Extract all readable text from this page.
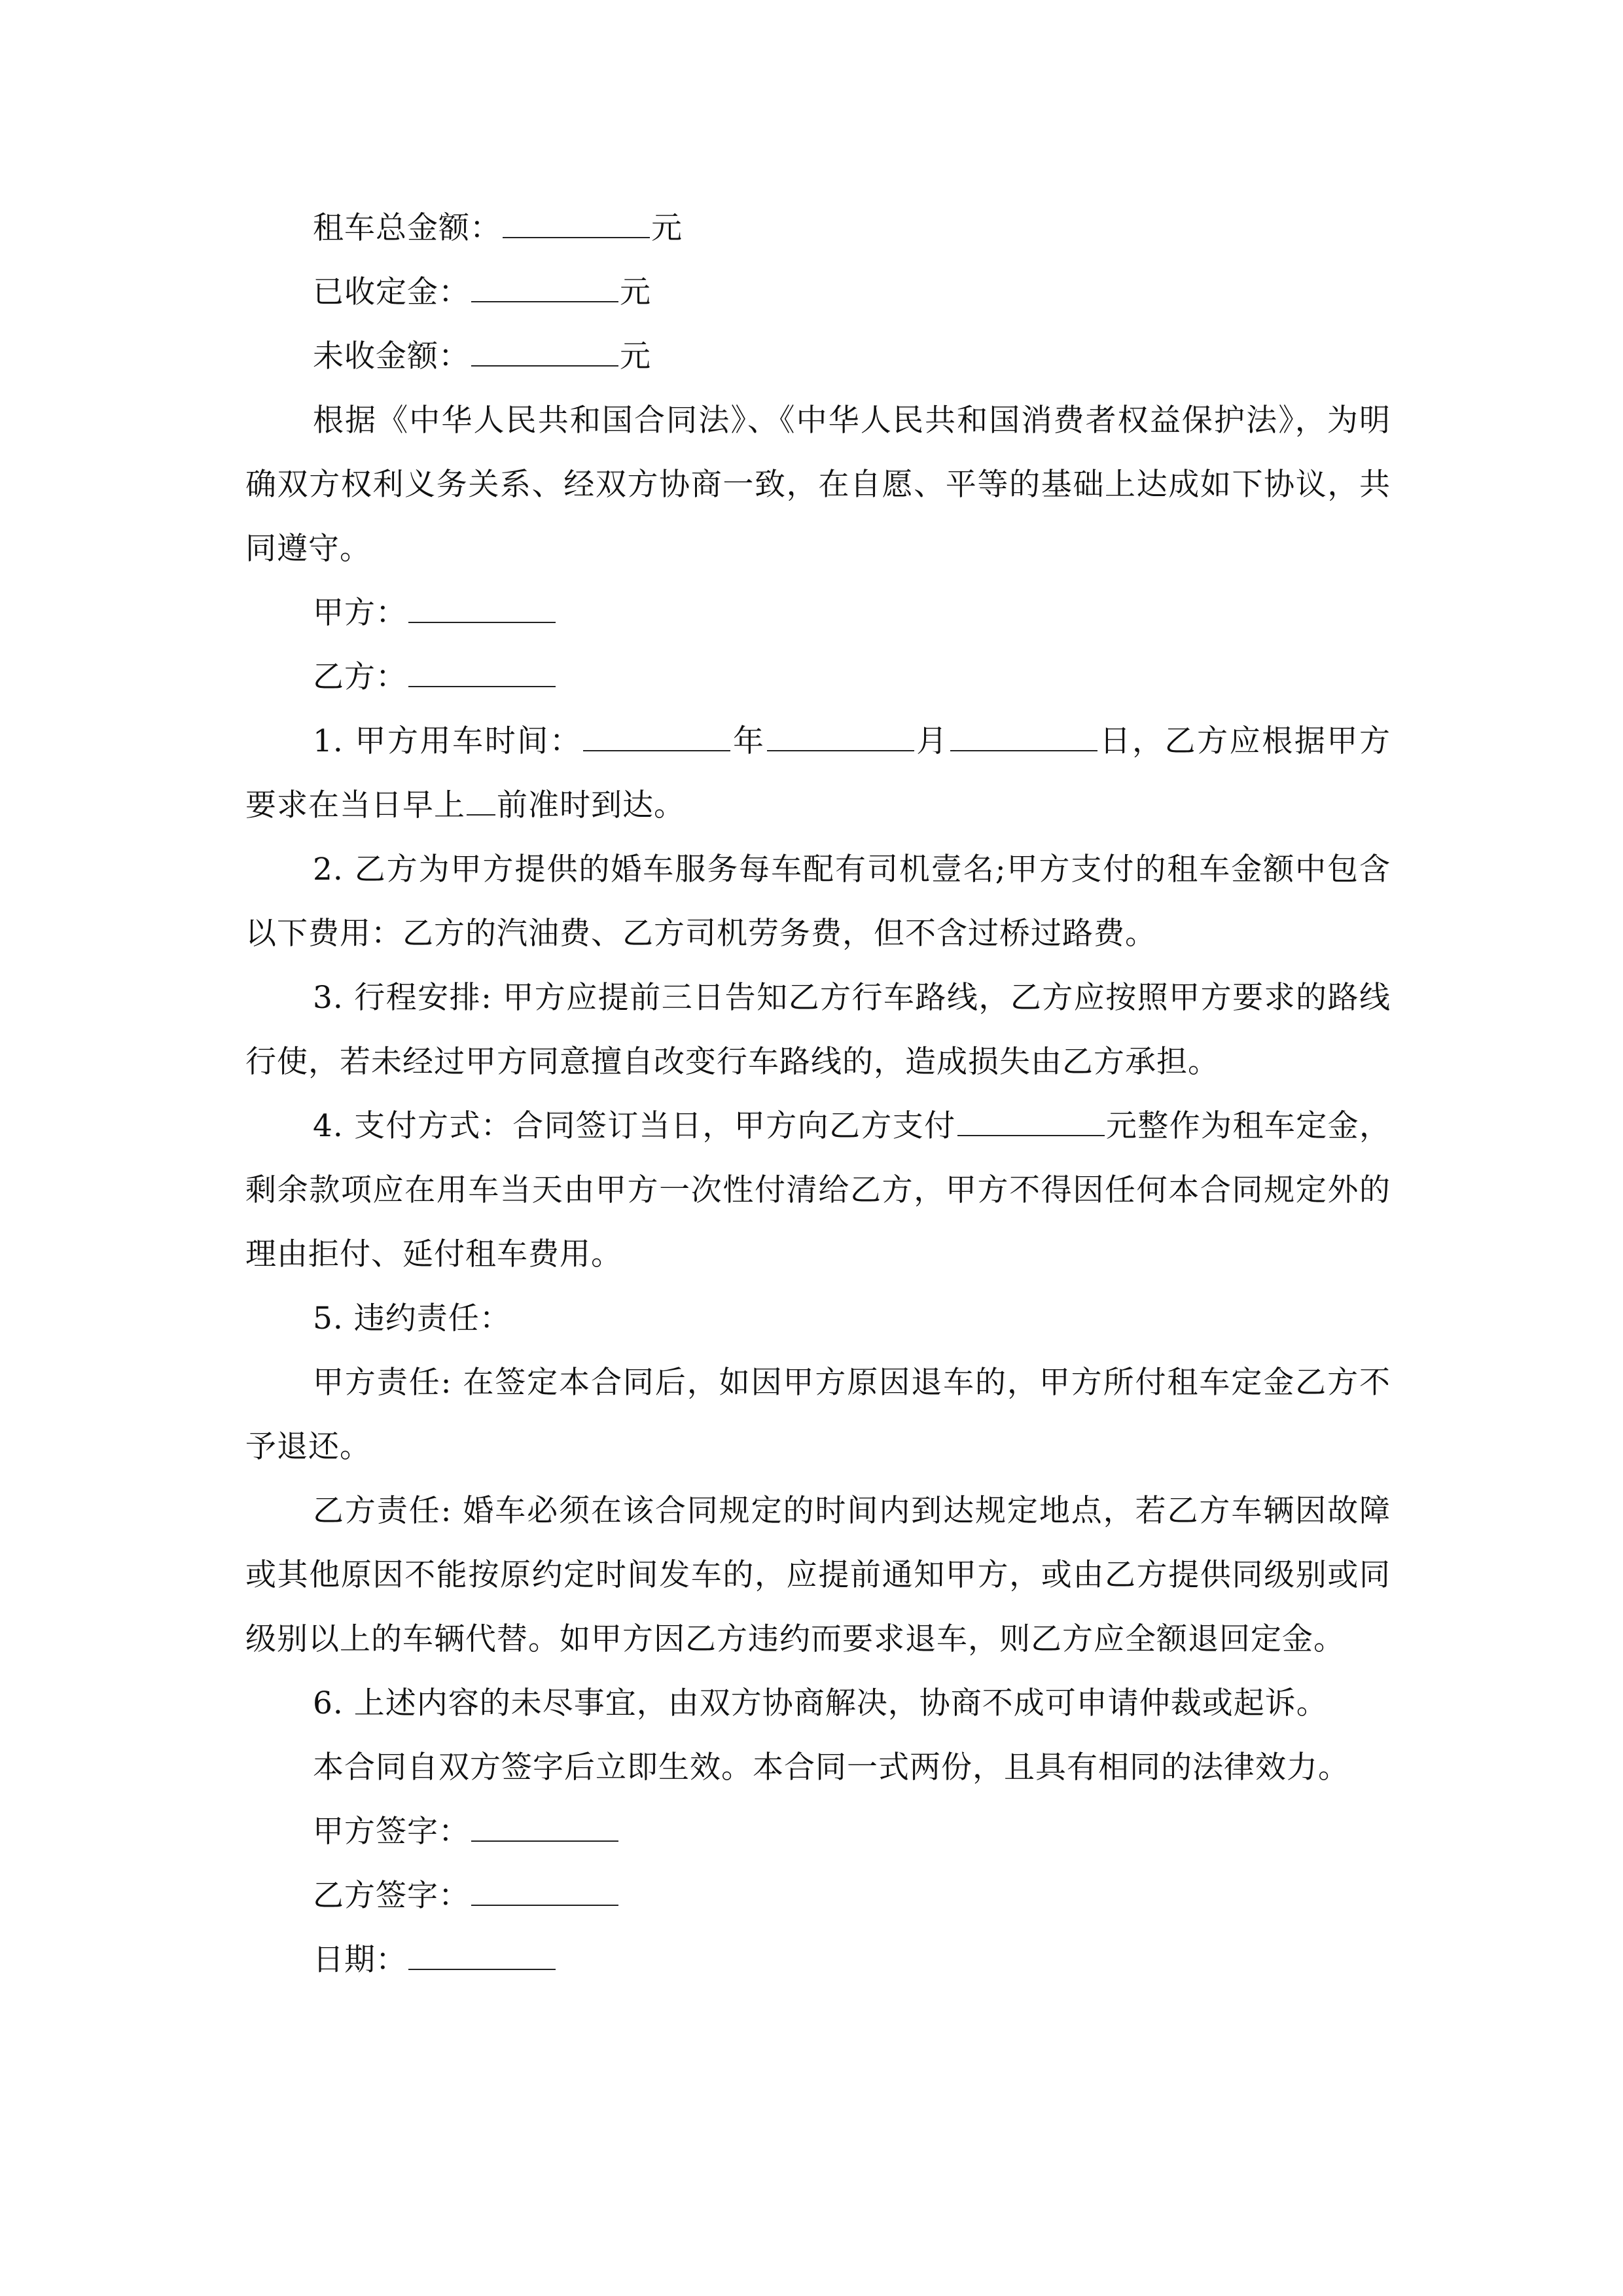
租车总金额：	元
已收定金：	元
未收金额：	元
根据《中华人民共和国合同法》、《中华人民共和国消费者权益保护法》，为明确双方权利义务关系、经双方协商一致，在自愿、平等的基础上达成如下协议，共同遵守。
甲方：
乙方：
1. 甲方用车时间：	年	月	日，乙方应根据甲方要求在当日早上 前准时到达。
2. 乙方为甲方提供的婚车服务每车配有司机壹名;甲方支付的租车金额中包含以下费用：乙方的汽油费、乙方司机劳务费，但不含过桥过路费。
3. 行程安排: 甲方应提前三日告知乙方行车路线，乙方应按照甲方要求的路线行使，若未经过甲方同意擅自改变行车路线的，造成损失由乙方承担。
4. 支付方式：合同签订当日，甲方向乙方支付	元整作为租车定金，剩余款项应在用车当天由甲方一次性付清给乙方，甲方不得因任何本合同规定外的理由拒付、延付租车费用。
5. 违约责任：
甲方责任: 在签定本合同后，如因甲方原因退车的，甲方所付租车定金乙方不予退还。
乙方责任: 婚车必须在该合同规定的时间内到达规定地点，若乙方车辆因故障或其他原因不能按原约定时间发车的，应提前通知甲方，或由乙方提供同级别或同级别以上的车辆代替。如甲方因乙方违约而要求退车，则乙方应全额退回定金。
6. 上述内容的未尽事宜，由双方协商解决，协商不成可申请仲裁或起诉。
本合同自双方签字后立即生效。本合同一式两份，且具有相同的法律效力。
甲方签字：
乙方签字：
日期：
